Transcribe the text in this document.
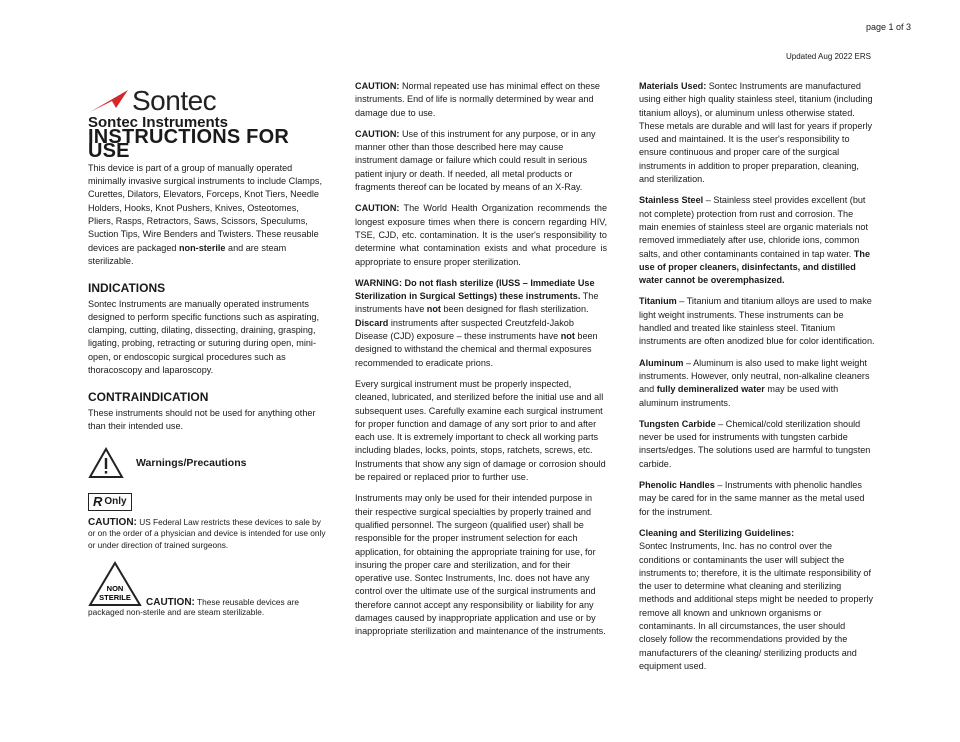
page 1 of 3
Updated Aug 2022 ERS
Sontec
Sontec Instruments
INSTRUCTIONS FOR USE

This device is part of a group of manually operated minimally invasive surgical instruments to include Clamps, Curettes, Dilators, Elevators, Forceps, Knot Tiers, Needle Holders, Hooks, Knot Pushers, Knives, Osteotomes, Pliers, Rasps, Retractors, Saws, Scissors, Speculums, Suction Tips, Wire Benders and Twisters. These reusable devices are packaged non-sterile and are steam sterilizable.

INDICATIONS

Sontec Instruments are manually operated instruments designed to perform specific functions such as aspirating, clamping, cutting, dilating, dissecting, draining, grasping, ligating, probing, retracting or suturing during open, mini-open, or endoscopic surgical procedures such as thoracoscopy and laparoscopy.

CONTRAINDICATION

These instruments should not be used for anything other than their intended use.

Warnings/Precautions
R Only
CAUTION: US Federal Law restricts these devices to sale by or on the order of a physician and device is intended for use only or under direction of trained surgeons.
NON
STERILE CAUTION: These reusable devices are
packaged non-sterile and are steam sterilizable.

CAUTION: Normal repeated use has minimal effect on these instruments. End of life is normally determined by wear and damage due to use.

CAUTION: Use of this instrument for any purpose, or in any manner other than those described here may cause instrument damage or failure which could result in serious patient injury or death. If needed, all metal products or fragments thereof can be located by means of an X-Ray.

CAUTION: The World Health Organization recommends the longest exposure times when there is concern regarding HIV, TSE, CJD, etc. contamination. It is the user's responsibility to determine what contamination exists and what procedure is appropriate to ensure proper sterilization.

WARNING: Do not flash sterilize (IUSS – Immediate Use Sterilization in Surgical Settings) these instruments. The instruments have not been designed for flash sterilization. Discard instruments after suspected Creutzfeld-Jakob Disease (CJD) exposure – these instruments have not been designed to withstand the chemical and thermal exposures recommended to eradicate prions.

Every surgical instrument must be properly inspected, cleaned, lubricated, and sterilized before the initial use and all subsequent uses. Carefully examine each surgical instrument for proper function and damage of any sort prior to and after each use. It is extremely important to check all working parts including blades, locks, points, stops, ratchets, screws, etc. Instruments that show any sign of damage or corrosion should be repaired or replaced prior to further use.

Instruments may only be used for their intended purpose in their respective surgical specialties by properly trained and qualified personnel. The surgeon (qualified user) shall be responsible for the proper instrument selection for each application, for obtaining the appropriate training for use, for insuring the proper care and sterilization, and for their operative use. Sontec Instruments, Inc. does not have any control over the ultimate use of the surgical instruments and therefore cannot accept any responsibility or liability for any damages caused by inappropriate application and use or by inappropriate sterilization and maintenance of the instruments.

Materials Used: Sontec Instruments are manufactured using either high quality stainless steel, titanium (including titanium alloys), or aluminum unless otherwise stated. These metals are durable and will last for years if properly used and maintained. It is the user's responsibility to ensure continuous and proper care of the surgical instruments in addition to proper preparation, cleaning, and sterilization.

Stainless Steel – Stainless steel provides excellent (but not complete) protection from rust and corrosion. The main enemies of stainless steel are organic materials not removed immediately after use, chloride ions, common salts, and other contaminants contained in tap water. The use of proper cleaners, disinfectants, and distilled water cannot be overemphasized.

Titanium – Titanium and titanium alloys are used to make light weight instruments. These instruments can be handled and treated like stainless steel. Titanium instruments are often anodized blue for color identification.

Aluminum – Aluminum is also used to make light weight instruments. However, only neutral, non-alkaline cleaners and fully demineralized water may be used with aluminum instruments.

Tungsten Carbide – Chemical/cold sterilization should never be used for instruments with tungsten carbide inserts/edges. The solutions used are harmful to tungsten carbide.

Phenolic Handles – Instruments with phenolic handles may be cared for in the same manner as the metal used for the instrument.

Cleaning and Sterilizing Guidelines:

Sontec Instruments, Inc. has no control over the conditions or contaminants the user will subject the instruments to; therefore, it is the ultimate responsibility of the user to determine what cleaning and sterilizing methods and additional steps might be needed to properly remove all known and unknown organisms or contaminants. In all circumstances, the user should closely follow the recommendations provided by the manufacturers of the cleaning/ sterilizing products and equipment used.
